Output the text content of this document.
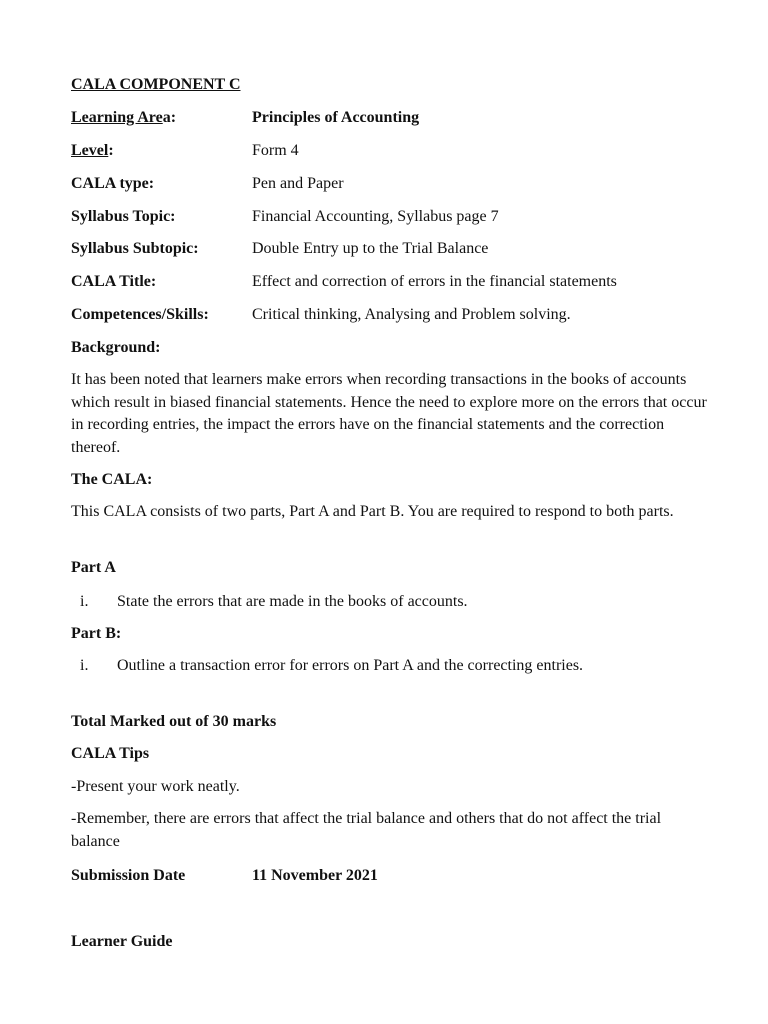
CALA COMPONENT C
Learning Area:	Principles of Accounting
Level:	Form 4
CALA type:	Pen and Paper
Syllabus Topic:	Financial Accounting, Syllabus page 7
Syllabus Subtopic:	Double Entry up to the Trial Balance
CALA Title:	Effect and correction of errors in the financial statements
Competences/Skills:	Critical thinking, Analysing and Problem solving.
Background:
It has been noted that learners make errors when recording transactions in the books of accounts which result in biased financial statements. Hence the need to explore more on the errors that occur in recording entries, the impact the errors have on the financial statements and the correction thereof.
The CALA:
This CALA consists of two parts, Part A and Part B. You are required to respond to both parts.
Part A
i. State the errors that are made in the books of accounts.
Part B:
i. Outline a transaction error for errors on Part A and the correcting entries.
Total Marked out of 30 marks
CALA Tips
-Present your work neatly.
-Remember, there are errors that affect the trial balance and others that do not affect the trial balance
Submission Date	11 November 2021
Learner Guide
